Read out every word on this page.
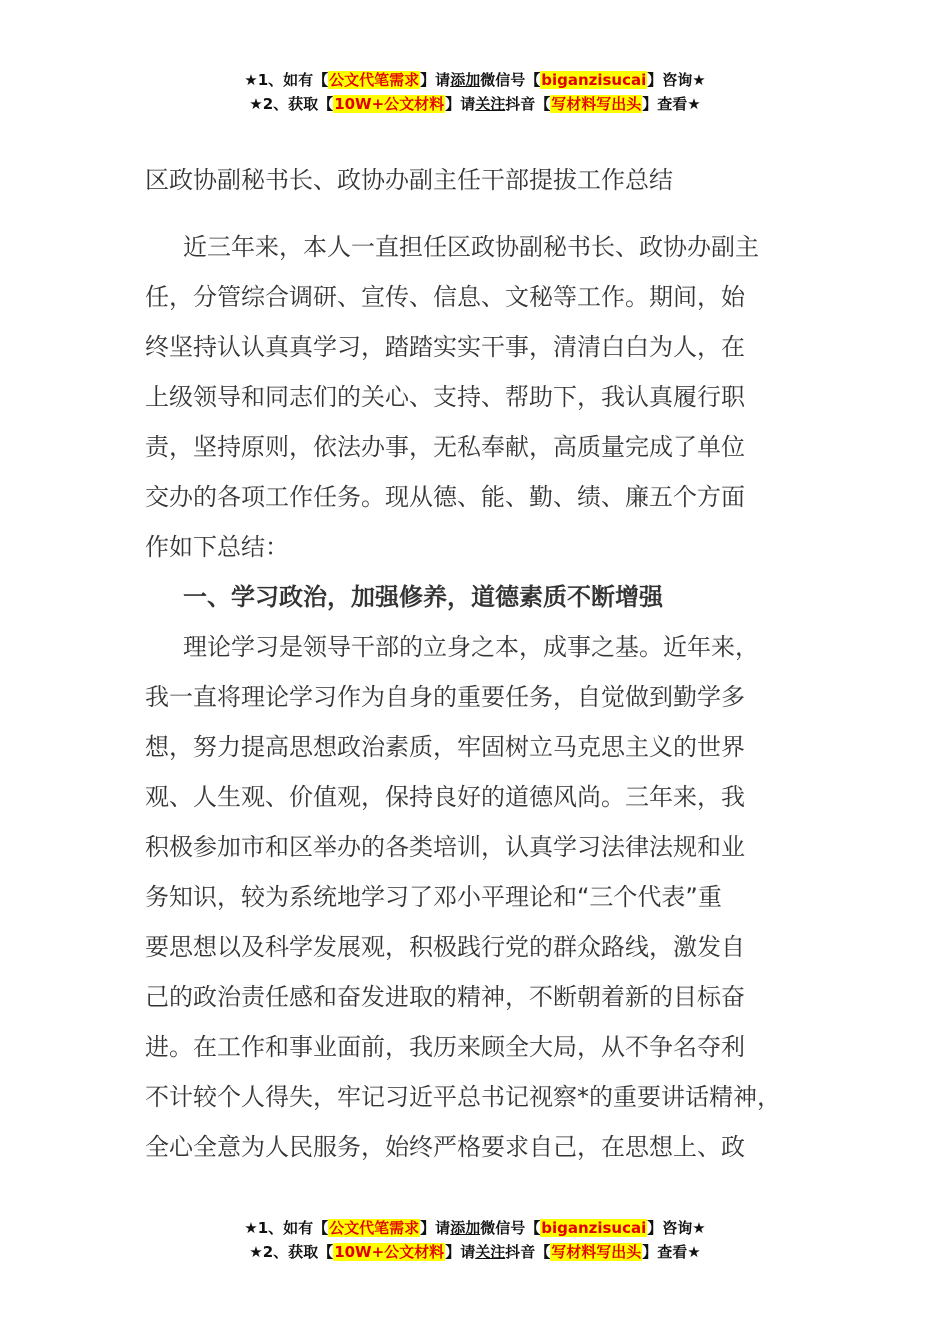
★1、如有【公文代笔需求】请添加微信号【biganzisucai】咨询★
★2、获取【10W+公文材料】请关注抖音【写材料写出头】查看★
区政协副秘书长、政协办副主任干部提拔工作总结
近三年来，本人一直担任区政协副秘书长、政协办副主
任，分管综合调研、宣传、信息、文秘等工作。期间，始
终坚持认认真真学习，踏踏实实干事，清清白白为人，在
上级领导和同志们的关心、支持、帮助下，我认真履行职
责，坚持原则，依法办事，无私奉献，高质量完成了单位
交办的各项工作任务。现从德、能、勤、绩、廉五个方面
作如下总结：
一、学习政治，加强修养，道德素质不断增强
理论学习是领导干部的立身之本，成事之基。近年来，
我一直将理论学习作为自身的重要任务，自觉做到勤学多
想，努力提高思想政治素质，牢固树立马克思主义的世界
观、人生观、价值观，保持良好的道德风尚。三年来，我
积极参加市和区举办的各类培训，认真学习法律法规和业
务知识，较为系统地学习了邓小平理论和“三个代表”重
要思想以及科学发展观，积极践行党的群众路线，激发自
己的政治责任感和奋发进取的精神，不断朝着新的目标奋
进。在工作和事业面前，我历来顾全大局，从不争名夺利
不计较个人得失，牢记习近平总书记视察*的重要讲话精神，
全心全意为人民服务，始终严格要求自己，在思想上、政
★1、如有【公文代笔需求】请添加微信号【biganzisucai】咨询★
★2、获取【10W+公文材料】请关注抖音【写材料写出头】查看★
